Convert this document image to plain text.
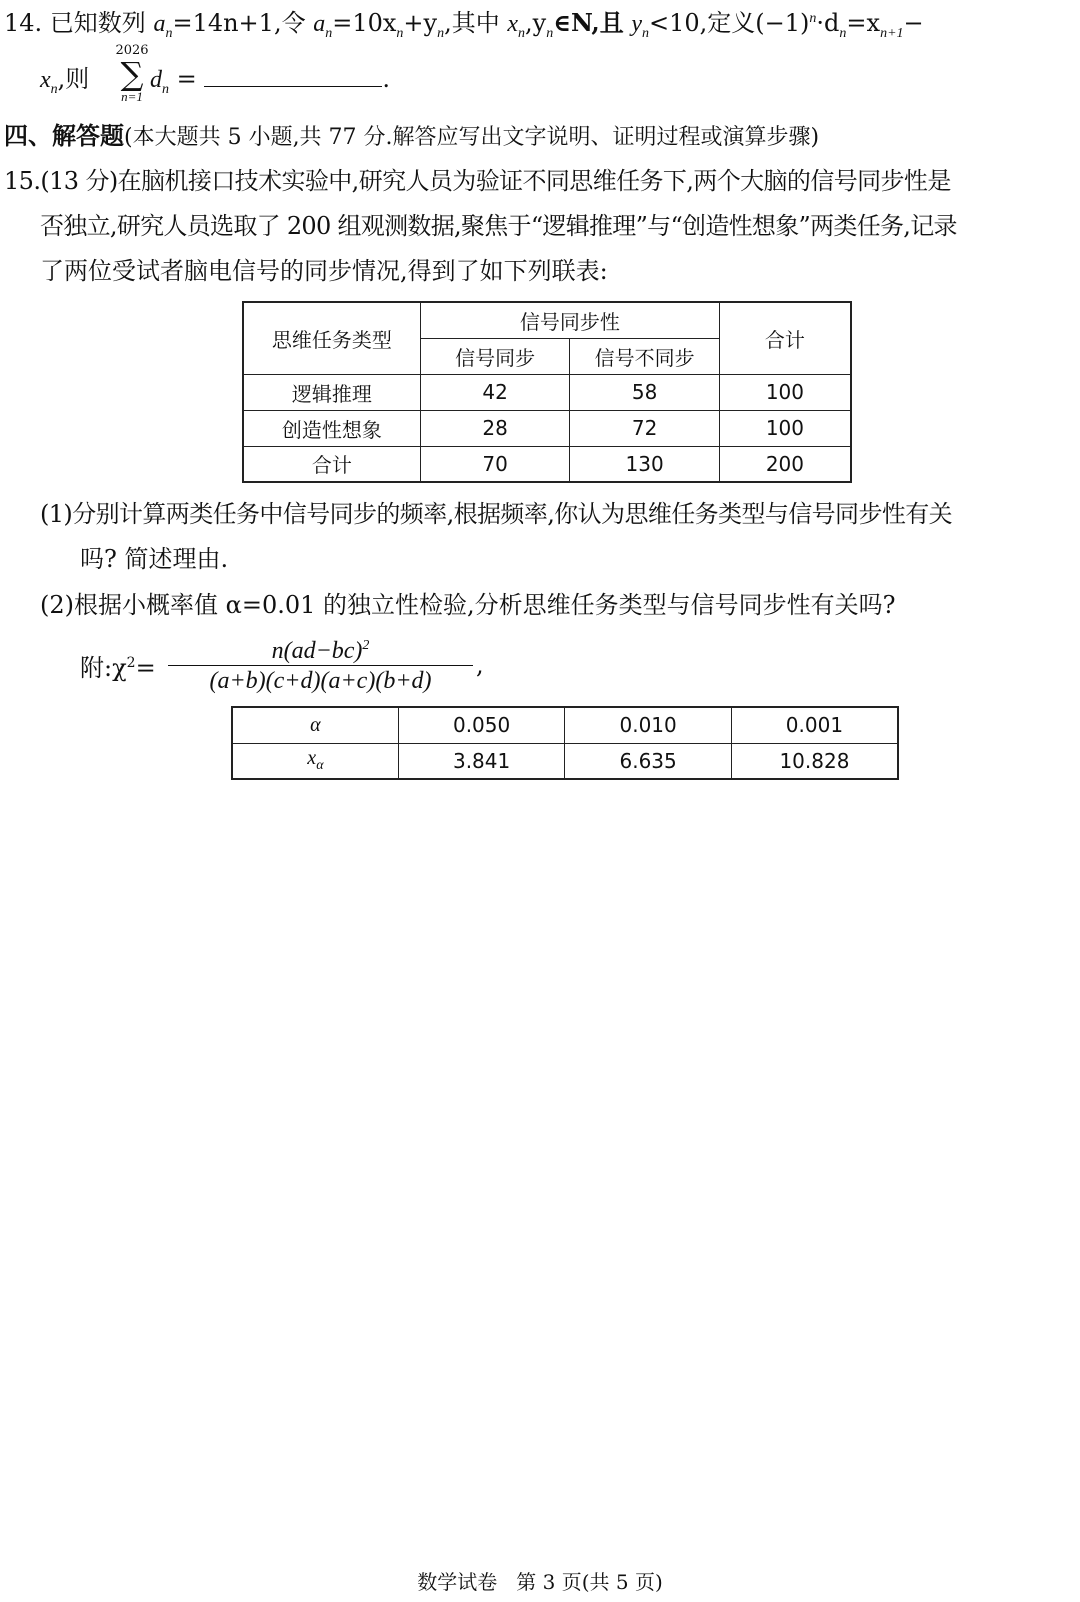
14. 已知数列 $a_n=14n+1$,令 $a_n=10x_n+y_n$,其中 $x_n,y_n\in N$,且 $y_n<10$,定义$(-1)^n\cdot d_n=x_{n+1}-$
$x_n$,则
2026
∑
n=1
$d_n$ =	.
四、解答题(本大题共 5 小题,共 77 分.解答应写出文字说明、证明过程或演算步骤)
15.(13 分)在脑机接口技术实验中,研究人员为验证不同思维任务下,两个大脑的信号同步性是
否独立,研究人员选取了 200 组观测数据,聚焦于“逻辑推理”与“创造性想象”两类任务,记录
了两位受试者脑电信号的同步情况,得到了如下列联表:
思维任务类型	信号同步性		合计
	信号同步	信号不同步	
逻辑推理	42	58	100
创造性想象	28	72	100
合计	70	130	200
(1)分别计算两类任务中信号同步的频率,根据频率,你认为思维任务类型与信号同步性有关
吗? 简述理由.
(2)根据小概率值 α=0.01 的独立性检验,分析思维任务类型与信号同步性有关吗?
附$:\chi^2= \frac{n(ad-bc)^2}{(a+b)(c+d)(a+c)(b+d)}$ ,
α	0.050	0.010	0.001
$x_\alpha$	3.841	6.635	10.828
数学试卷   第 3 页(共 5 页)
